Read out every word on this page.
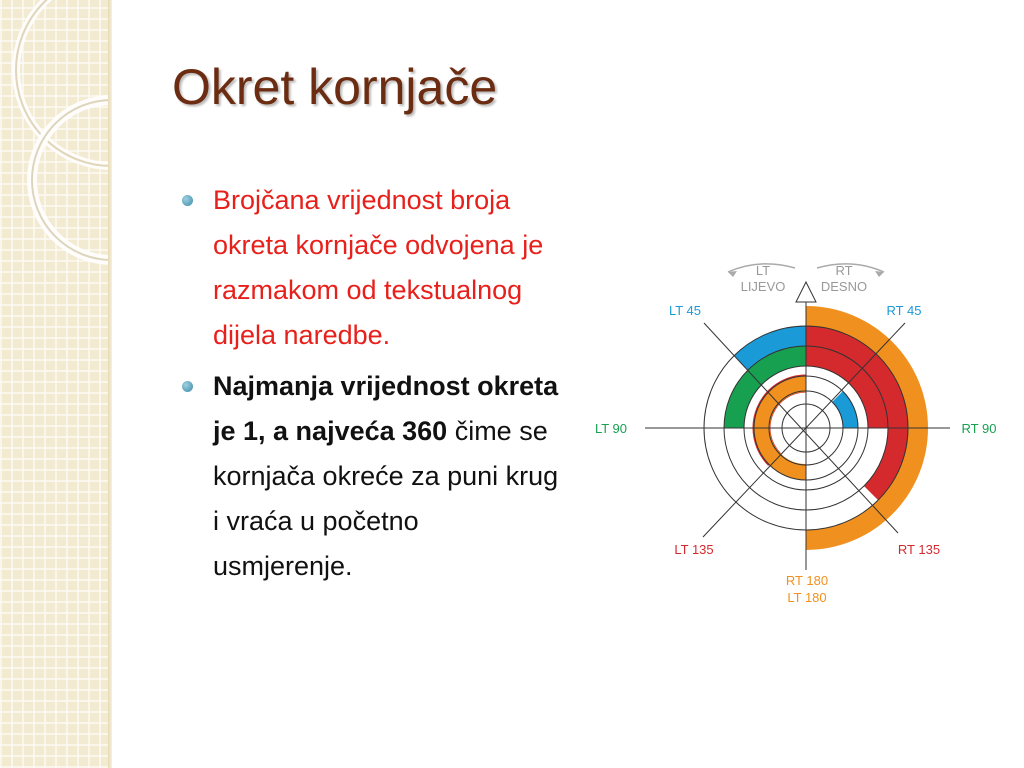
Okret kornjače
Brojčana vrijednost broja okreta kornjače odvojena je razmakom od tekstualnog dijela naredbe.
Najmanja vrijednost okreta je 1, a najveća 360 čime se kornjača okreće za puni krug i vraća u početno usmjerenje.
LT
LIJEVO
RT
DESNO
LT 45	RT 45
LT 90	RT 90
LT 135	RT 135
RT 180
LT 180
